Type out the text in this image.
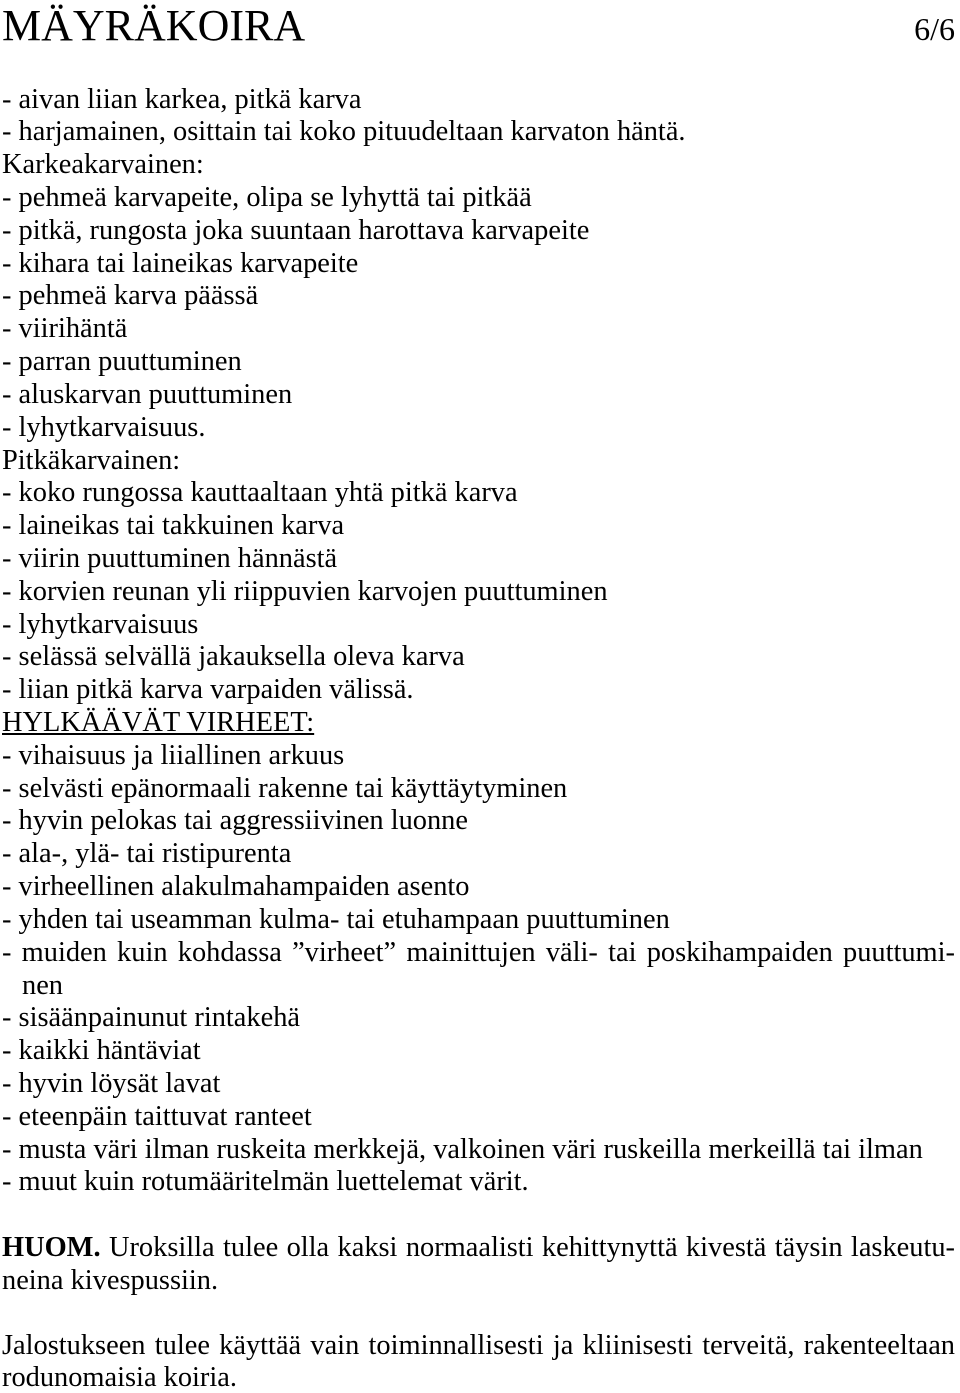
MÄYRÄKOIRA	6/6
- aivan liian karkea, pitkä karva
- harjamainen, osittain tai koko pituudeltaan karvaton häntä.
Karkeakarvainen:
- pehmeä karvapeite, olipa se lyhyttä tai pitkää
- pitkä, rungosta joka suuntaan harottava karvapeite
- kihara tai laineikas karvapeite
- pehmeä karva päässä
- viirihäntä
- parran puuttuminen
- aluskarvan puuttuminen
- lyhytkarvaisuus.
Pitkäkarvainen:
- koko rungossa kauttaaltaan yhtä pitkä karva
- laineikas tai takkuinen karva
- viirin puuttuminen hännästä
- korvien reunan yli riippuvien karvojen puuttuminen
- lyhytkarvaisuus
- selässä selvällä jakauksella oleva karva
- liian pitkä karva varpaiden välissä.
HYLKÄÄVÄT VIRHEET:
- vihaisuus ja liiallinen arkuus
- selvästi epänormaali rakenne tai käyttäytyminen
- hyvin pelokas tai aggressiivinen luonne
- ala-, ylä- tai ristipurenta
- virheellinen alakulmahampaiden asento
- yhden tai useamman kulma- tai etuhampaan puuttuminen
- muiden kuin kohdassa ”virheet” mainittujen väli- tai poskihampaiden puuttumi-
nen
- sisäänpainunut rintakehä
- kaikki häntäviat
- hyvin löysät lavat
- eteenpäin taittuvat ranteet
- musta väri ilman ruskeita merkkejä, valkoinen väri ruskeilla merkeillä tai ilman
- muut kuin rotumääritelmän luettelemat värit.
HUOM. Uroksilla tulee olla kaksi normaalisti kehittynyttä kivestä täysin laskeutu-
neina kivespussiin.
Jalostukseen tulee käyttää vain toiminnallisesti ja kliinisesti terveitä, rakenteeltaan
rodunomaisia koiria.
